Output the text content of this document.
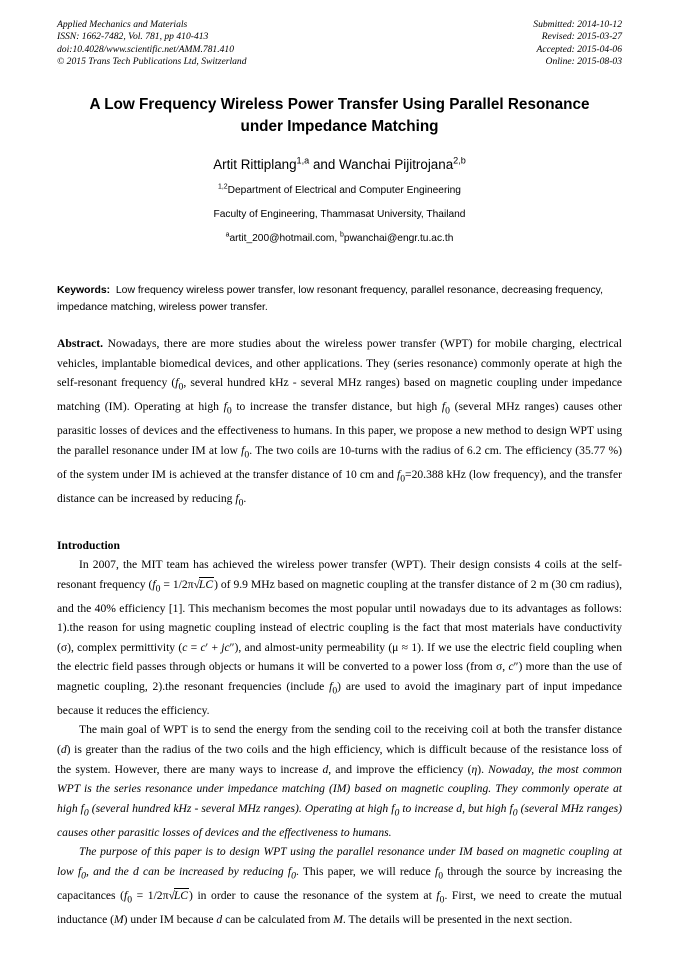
Applied Mechanics and Materials
ISSN: 1662-7482, Vol. 781, pp 410-413
doi:10.4028/www.scientific.net/AMM.781.410
© 2015 Trans Tech Publications Ltd, Switzerland
Submitted: 2014-10-12
Revised: 2015-03-27
Accepted: 2015-04-06
Online: 2015-08-03
A Low Frequency Wireless Power Transfer Using Parallel Resonance
under Impedance Matching
Artit Rittiplang$^{1,a}$ and Wanchai Pijitrojana$^{2,b}$
$^{1,2}$Department of Electrical and Computer Engineering
Faculty of Engineering, Thammasat University, Thailand
$^a$artit_200@hotmail.com, $^b$pwanchai@engr.tu.ac.th
Keywords: Low frequency wireless power transfer, low resonant frequency, parallel resonance, decreasing frequency, impedance matching, wireless power transfer.
Abstract. Nowadays, there are more studies about the wireless power transfer (WPT) for mobile charging, electrical vehicles, implantable biomedical devices, and other applications. They (series resonance) commonly operate at high the self-resonant frequency ($f_0$, several hundred kHz - several MHz ranges) based on magnetic coupling under impedance matching (IM). Operating at high $f_0$ to increase the transfer distance, but high $f_0$ (several MHz ranges) causes other parasitic losses of devices and the effectiveness to humans. In this paper, we propose a new method to design WPT using the parallel resonance under IM at low $f_0$. The two coils are 10-turns with the radius of 6.2 cm. The efficiency (35.77 %) of the system under IM is achieved at the transfer distance of 10 cm and $f_0=20.388$ kHz (low frequency), and the transfer distance can be increased by reducing $f_0$.
Introduction
In 2007, the MIT team has achieved the wireless power transfer (WPT). Their design consists 4 coils at the self-resonant frequency $(f_0 = 1/2\pi√LC)$ of 9.9 MHz based on magnetic coupling at the transfer distance of 2 m (30 cm radius), and the 40% efficiency [1]. This mechanism becomes the most popular until nowadays due to its advantages as follows: 1).the reason for using magnetic coupling instead of electric coupling is the fact that most materials have conductivity (σ), complex permittivity (c = c′ + jc″), and almost-unity permeability (μ ≈ 1). If we use the electric field coupling when the electric field passes through objects or humans it will be converted to a power loss (from σ, c″) more than the use of magnetic coupling, 2).the resonant frequencies (include $f_0$) are used to avoid the imaginary part of input impedance because it reduces the efficiency.
The main goal of WPT is to send the energy from the sending coil to the receiving coil at both the transfer distance (d) is greater than the radius of the two coils and the high efficiency, which is difficult because of the resistance loss of the system. However, there are many ways to increase d, and improve the efficiency (η). Nowaday, the most common WPT is the series resonance under impedance matching (IM) based on magnetic coupling. They commonly operate at high $f_0$ (several hundred kHz - several MHz ranges). Operating at high $f_0$ to increase d, but high $f_0$ (several MHz ranges) causes other parasitic losses of devices and the effectiveness to humans.
The purpose of this paper is to design WPT using the parallel resonance under IM based on magnetic coupling at low $f_0$, and the d can be increased by reducing $f_0$. This paper, we will reduce $f_0$ through the source by increasing the capacitances $(f_0 = 1/2\pi√LC)$ in order to cause the resonance of the system at $f_0$. First, we need to create the mutual inductance (M) under IM because d can be calculated from M. The details will be presented in the next section.
